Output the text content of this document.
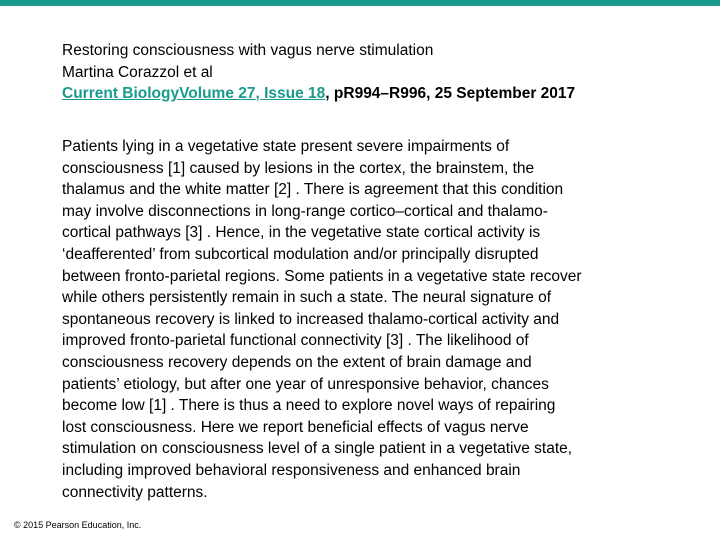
Restoring consciousness with vagus nerve stimulation
Martina Corazzol et al
Current BiologyVolume 27, Issue 18, pR994–R996, 25 September 2017

Patients lying in a vegetative state present severe impairments of
consciousness [1] caused by lesions in the cortex, the brainstem, the
thalamus and the white matter [2] . There is agreement that this condition
may involve disconnections in long-range cortico–cortical and thalamo-
cortical pathways [3] . Hence, in the vegetative state cortical activity is
‘deafferented’ from subcortical modulation and/or principally disrupted
between fronto-parietal regions. Some patients in a vegetative state recover
while others persistently remain in such a state. The neural signature of
spontaneous recovery is linked to increased thalamo-cortical activity and
improved fronto-parietal functional connectivity [3] . The likelihood of
consciousness recovery depends on the extent of brain damage and
patients’ etiology, but after one year of unresponsive behavior, chances
become low [1] . There is thus a need to explore novel ways of repairing
lost consciousness. Here we report beneficial effects of vagus nerve
stimulation on consciousness level of a single patient in a vegetative state,
including improved behavioral responsiveness and enhanced brain
connectivity patterns.

© 2015 Pearson Education, Inc.
